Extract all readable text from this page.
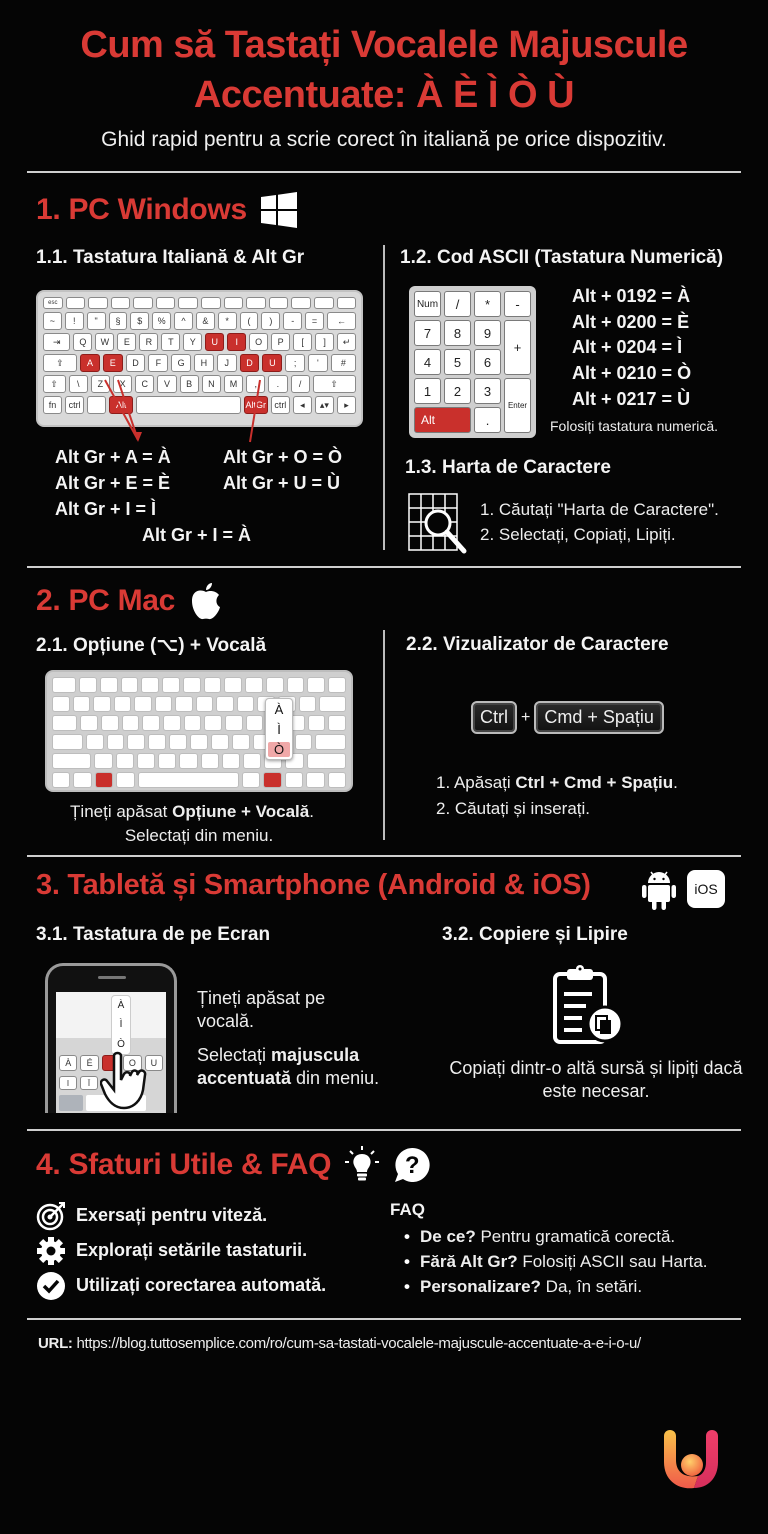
Cum să Tastați Vocalele Majuscule
Accentuate: À È Ì Ò Ù
Ghid rapid pentru a scrie corect în italiană pe orice dispozitiv.
1. PC Windows
1.1. Tastatura Italiană & Alt Gr
esc
~	!	"	§	$	%	^	&	*	(	)	-	=	←
⇥	Q	W	E	R	T	Y	U	I	O	P	[	]	↵
⇪	A	E	D	F	G	H	J	D	U	;	'	#
⇧	\	Z	X	C	V	B	N	M	,	.	/	⇧
fn	ctrl	Alt	AltGr ctrl	◂	▴▾	▸
Alt Gr + A = À
Alt Gr + E = È
Alt Gr + I = Ì
Alt Gr + O = Ò
Alt Gr + U = Ù
Alt Gr + I = À
1.2. Cod ASCII (Tastatura Numerică)
Num	/	*	-
7	8	9
+
4	5	6
1	2	3
Enter
Alt	.
Alt + 0192 = À
Alt + 0200 = È
Alt + 0204 = Ì
Alt + 0210 = Ò
Alt + 0217 = Ù
Folosiți tastatura numerică.
1.3. Harta de Caractere
1. Căutați "Harta de Caractere".
2. Selectați, Copiați, Lipiți.
2. PC Mac
2.1. Opțiune (⌥) + Vocală
À
Ì
Ò
Țineți apăsat Opțiune + Vocală.
Selectați din meniu.
2.2. Vizualizator de Caractere
Ctrl + Cmd + Spațiu
1. Apăsați Ctrl + Cmd + Spațiu.
2. Căutați și inserați.
3. Tabletă și Smartphone (Android & iOS)	iOS
3.1. Tastatura de pe Ecran	3.2. Copiere și Lipire
À	É	O	U
I	Ï
À
Ì
Ò
Țineți apăsat pe vocală.
Selectați majuscula accentuată din meniu.	Copiați dintr-o altă sursă și lipiți dacă este necesar.
4. Sfaturi Utile & FAQ	?
Exersați pentru viteză.
Explorați setările tastaturii.
Utilizați corectarea automată.
FAQ
• De ce? Pentru gramatică corectă.
• Fără Alt Gr? Folosiți ASCII sau Harta.
• Personalizare? Da, în setări.
URL: https://blog.tuttosemplice.com/ro/cum-sa-tastati-vocalele-majuscule-accentuate-a-e-i-o-u/
